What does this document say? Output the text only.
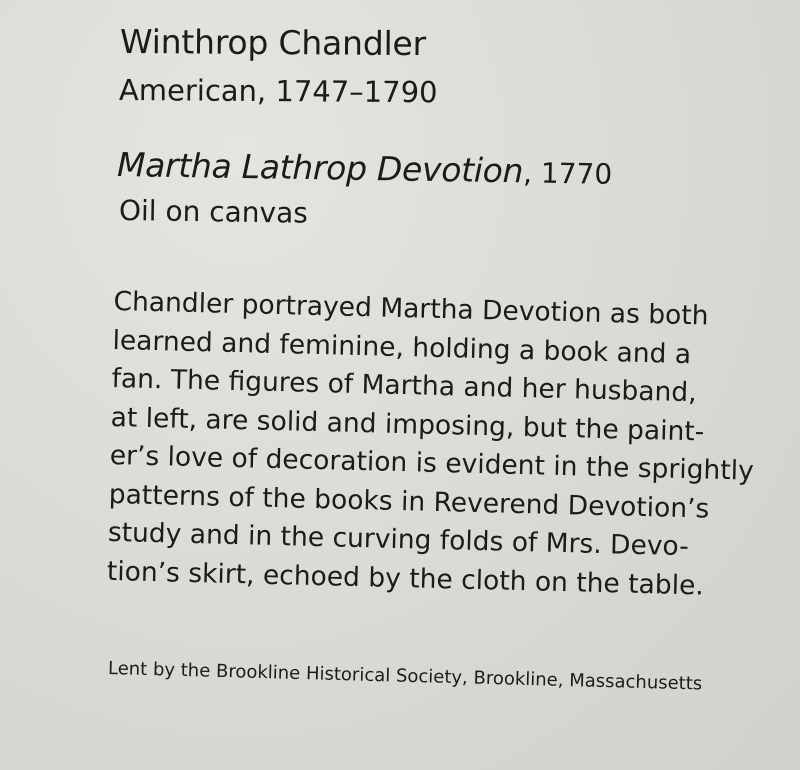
Winthrop Chandler
American, 1747–1790
Martha Lathrop Devotion, 1770
Oil on canvas
Chandler portrayed Martha Devotion as both
learned and feminine, holding a book and a
fan. The figures of Martha and her husband,
at left, are solid and imposing, but the paint-
er’s love of decoration is evident in the sprightly
patterns of the books in Reverend Devotion’s
study and in the curving folds of Mrs. Devo-
tion’s skirt, echoed by the cloth on the table.
Lent by the Brookline Historical Society, Brookline, Massachusetts
